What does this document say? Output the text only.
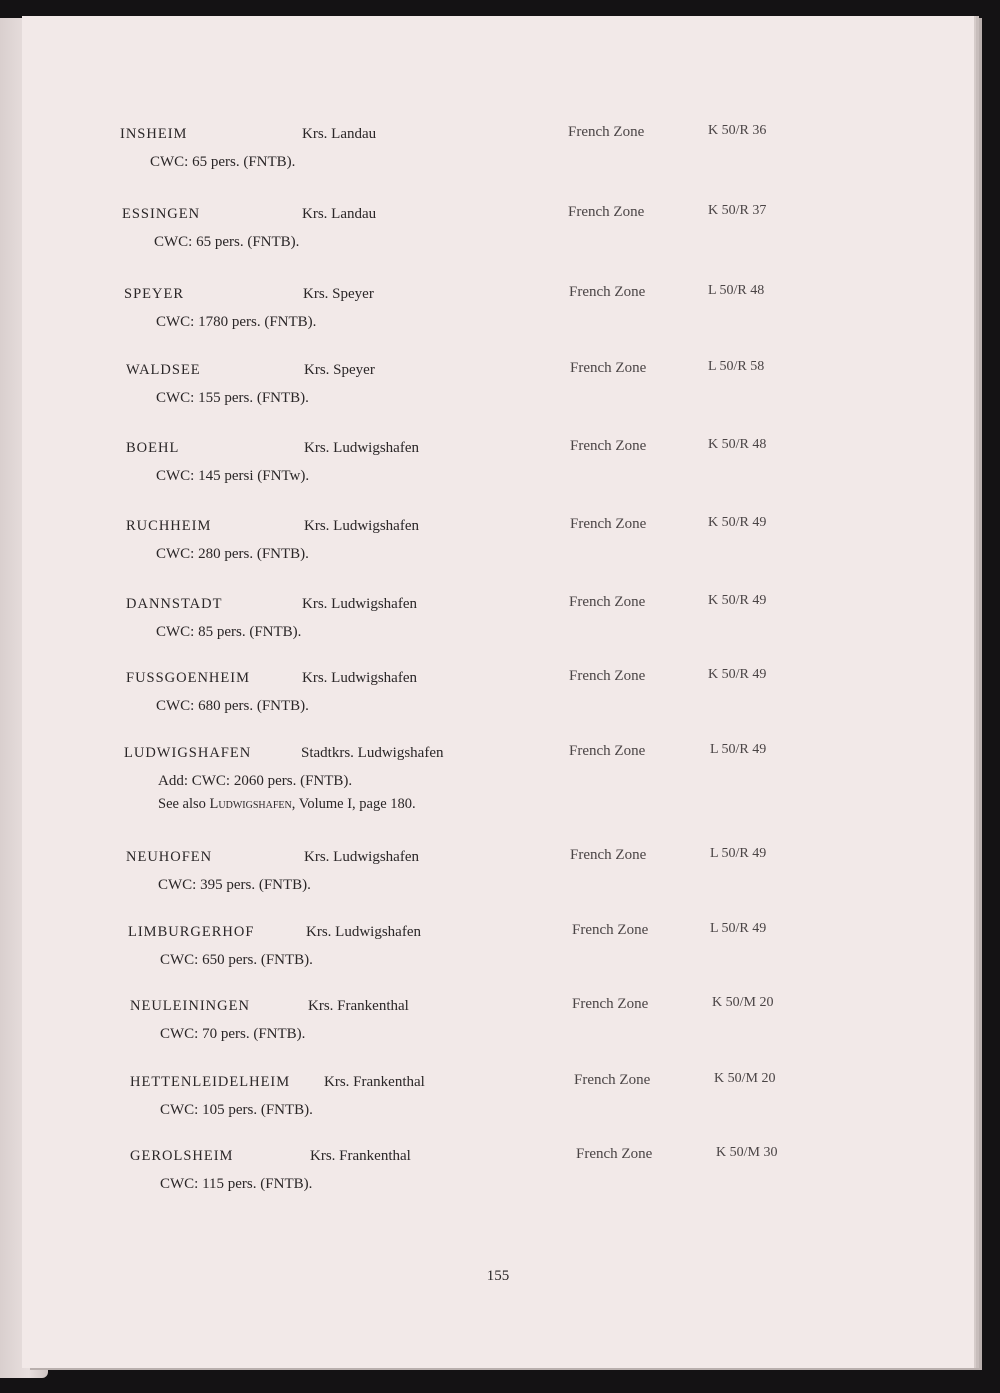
INSHEIM	Krs. Landau	French Zone	K 50/R 36
CWC: 65 pers. (FNTB).
ESSINGEN	Krs. Landau	French Zone	K 50/R 37
CWC: 65 pers. (FNTB).
SPEYER	Krs. Speyer	French Zone	L 50/R 48
CWC: 1780 pers. (FNTB).
WALDSEE	Krs. Speyer	French Zone	L 50/R 58
CWC: 155 pers. (FNTB).
BOEHL	Krs. Ludwigshafen	French Zone	K 50/R 48
CWC: 145 persi (FNTw).
RUCHHEIM	Krs. Ludwigshafen	French Zone	K 50/R 49
CWC: 280 pers. (FNTB).
DANNSTADT	Krs. Ludwigshafen	French Zone	K 50/R 49
CWC: 85 pers. (FNTB).
FUSSGOENHEIM	Krs. Ludwigshafen	French Zone	K 50/R 49
CWC: 680 pers. (FNTB).
LUDWIGSHAFEN	Stadtkrs. Ludwigshafen	French Zone	L 50/R 49
Add: CWC: 2060 pers. (FNTB).
See also Ludwigshafen, Volume I, page 180.
NEUHOFEN	Krs. Ludwigshafen	French Zone	L 50/R 49
CWC: 395 pers. (FNTB).
LIMBURGERHOF	Krs. Ludwigshafen	French Zone	L 50/R 49
CWC: 650 pers. (FNTB).
NEULEININGEN	Krs. Frankenthal	French Zone	K 50/M 20
CWC: 70 pers. (FNTB).
HETTENLEIDELHEIM Krs. Frankenthal	French Zone	K 50/M 20
CWC: 105 pers. (FNTB).
GEROLSHEIM	Krs. Frankenthal	French Zone	K 50/M 30
CWC: 115 pers. (FNTB).
155
